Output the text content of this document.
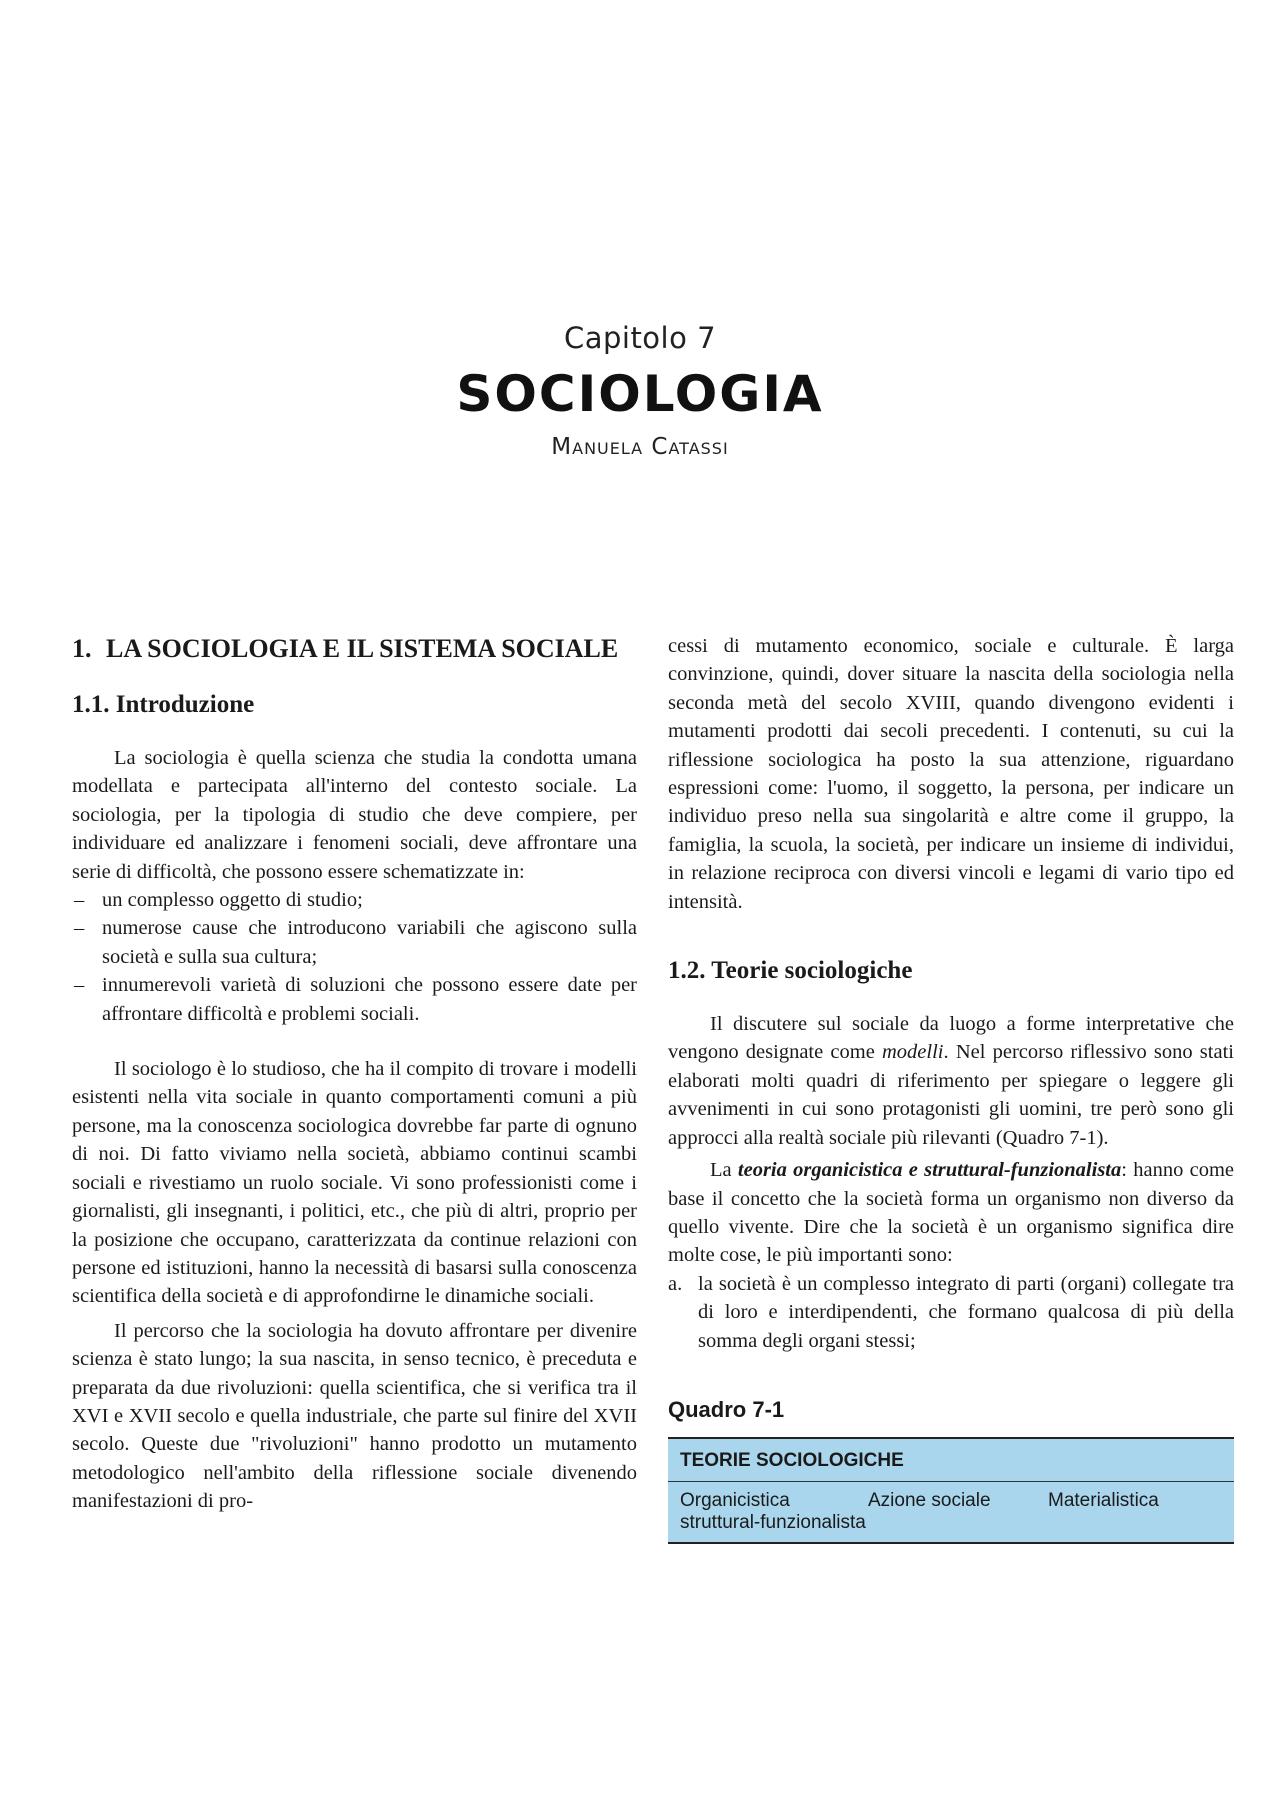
Capitolo 7
SOCIOLOGIA
Manuela Catassi
1. LA SOCIOLOGIA E IL SISTEMA SOCIALE
1.1. Introduzione

La sociologia è quella scienza che studia la condotta umana modellata e partecipata all'interno del contesto sociale. La sociologia, per la tipologia di studio che deve compiere, per individuare ed analizzare i fenomeni sociali, deve affrontare una serie di difficoltà, che possono essere schematizzate in:

– un complesso oggetto di studio;
– numerose cause che introducono variabili che agiscono sulla società e sulla sua cultura;
– innumerevoli varietà di soluzioni che possono essere date per affrontare difficoltà e problemi sociali.

Il sociologo è lo studioso, che ha il compito di trovare i modelli esistenti nella vita sociale in quanto comportamenti comuni a più persone, ma la conoscenza sociologica dovrebbe far parte di ognuno di noi. Di fatto viviamo nella società, abbiamo continui scambi sociali e rivestiamo un ruolo sociale. Vi sono professionisti come i giornalisti, gli insegnanti, i politici, etc., che più di altri, proprio per la posizione che occupano, caratterizzata da continue relazioni con persone ed istituzioni, hanno la necessità di basarsi sulla conoscenza scientifica della società e di approfondirne le dinamiche sociali.

Il percorso che la sociologia ha dovuto affrontare per divenire scienza è stato lungo; la sua nascita, in senso tecnico, è preceduta e preparata da due rivoluzioni: quella scientifica, che si verifica tra il XVI e XVII secolo e quella industriale, che parte sul finire del XVII secolo. Queste due "rivoluzioni" hanno prodotto un mutamento metodologico nell'ambito della riflessione sociale divenendo manifestazioni di pro-

cessi di mutamento economico, sociale e culturale. È larga convinzione, quindi, dover situare la nascita della sociologia nella seconda metà del secolo XVIII, quando divengono evidenti i mutamenti prodotti dai secoli precedenti. I contenuti, su cui la riflessione sociologica ha posto la sua attenzione, riguardano espressioni come: l'uomo, il soggetto, la persona, per indicare un individuo preso nella sua singolarità e altre come il gruppo, la famiglia, la scuola, la società, per indicare un insieme di individui, in relazione reciproca con diversi vincoli e legami di vario tipo ed intensità.

1.2. Teorie sociologiche

Il discutere sul sociale da luogo a forme interpretative che vengono designate come modelli. Nel percorso riflessivo sono stati elaborati molti quadri di riferimento per spiegare o leggere gli avvenimenti in cui sono protagonisti gli uomini, tre però sono gli approcci alla realtà sociale più rilevanti (Quadro 7-1).

La teoria organicistica e struttural-funzionalista: hanno come base il concetto che la società forma un organismo non diverso da quello vivente. Dire che la società è un organismo significa dire molte cose, le più importanti sono:

a. la società è un complesso integrato di parti (organi) collegate tra di loro e interdipendenti, che formano qualcosa di più della somma degli organi stessi;
Quadro 7-1
TEORIE SOCIOLOGICHE
Organicistica struttural-funzionalista
Azione sociale	Materialistica
